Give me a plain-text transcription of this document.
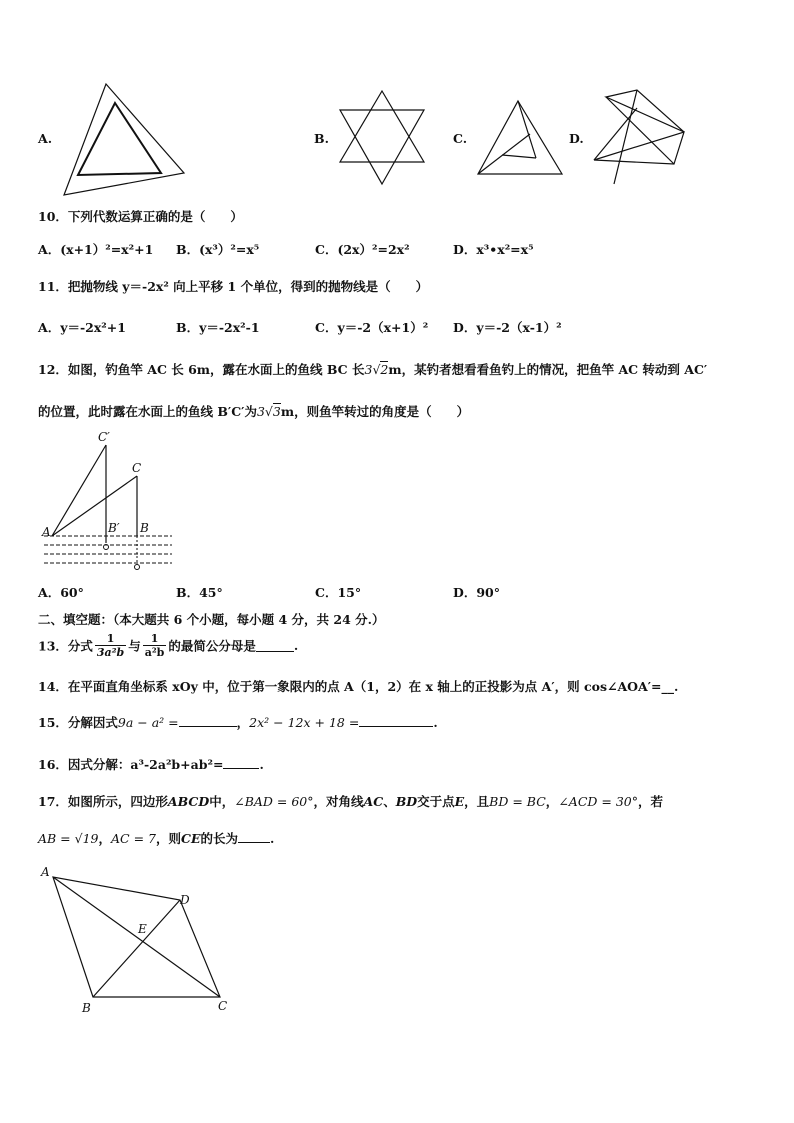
A.	B.	C.	D.
10．下列代数运算正确的是（　　）
A．(x+1）²=x²+1 B．(x³）²=x⁵	C．(2x）²=2x²	D．x³•x²=x⁵
11．把抛物线 y＝-2x² 向上平移 1 个单位，得到的抛物线是（　　）
A．y＝-2x²+1	B．y＝-2x²-1	C．y＝-2（x+1）² D．y＝-2（x-1）²
12．如图，钓鱼竿 AC 长 6m，露在水面上的鱼线 BC 长3√2m，某钓者想看看鱼钓上的情况，把鱼竿 AC 转动到 AC′
的位置，此时露在水面上的鱼线 B′C′为3√3m，则鱼竿转过的角度是（　　）
C′
C
A	B′ B
A．60°	B．45°	C．15°	D．90°
二、填空题：（本大题共 6 个小题，每小题 4 分，共 24 分.）
13．分式 $\frac{1}{\text{3a²b}}$ 与 $\frac{1}{\text{a²b}}$ 的最简公分母是	.
14．在平面直角坐标系 xOy 中，位于第一象限内的点 A（1，2）在 x 轴上的正投影为点 A′，则 cos∠AOA′=__.
15．分解因式9a − a² =	，2x² − 12x + 18 =	.
16．因式分解：a³-2a²b+ab²=	.
17．如图所示，四边形ABCD中，∠BAD = 60°，对角线AC、BD交于点E，且BD = BC，∠ACD = 30°，若
AB = √19，AC = 7，则CE的长为	.
A
B	C
D
E
